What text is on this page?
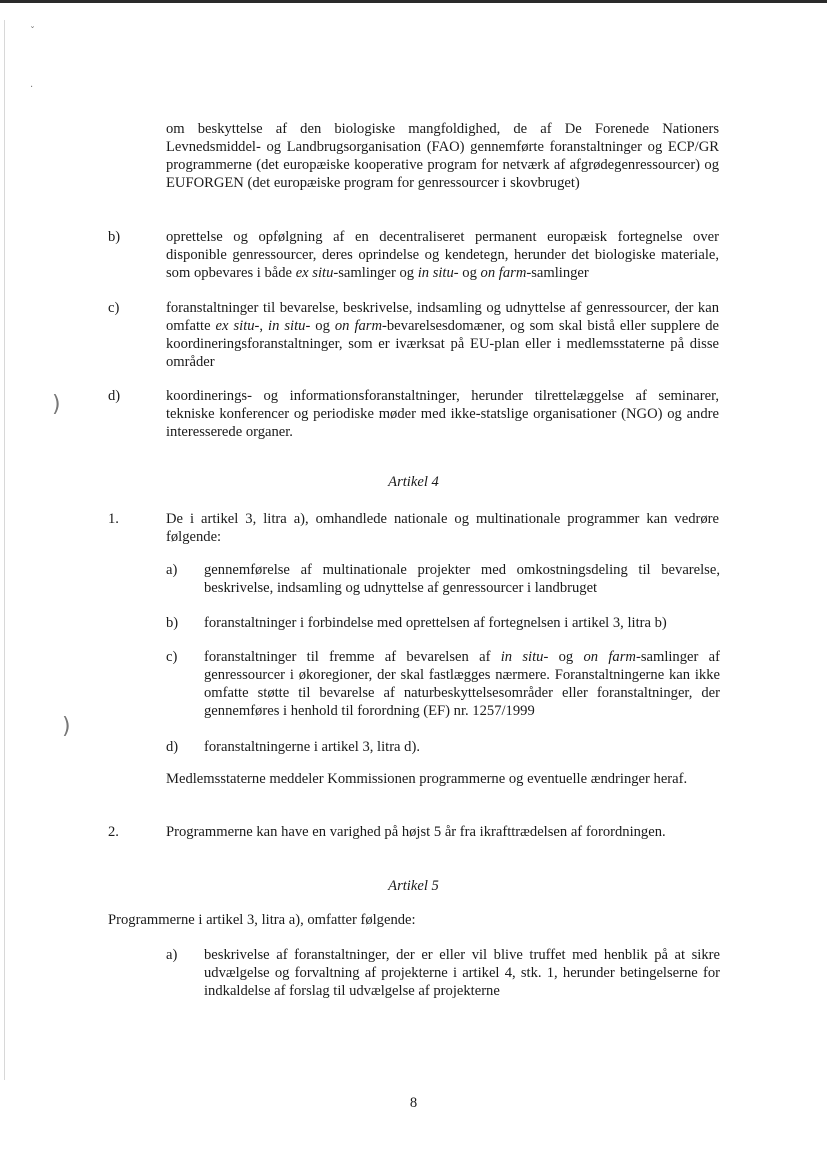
ˇ
·
)
)

om beskyttelse af den biologiske mangfoldighed, de af De Forenede Nationers Levnedsmiddel- og Landbrugsorganisation (FAO) gennemførte foranstaltninger og ECP/GR programmerne (det europæiske kooperative program for netværk af afgrødegenressourcer) og EUFORGEN (det europæiske program for genressourcer i skovbruget)

b)	oprettelse og opfølgning af en decentraliseret permanent europæisk fortegnelse over disponible genressourcer, deres oprindelse og kendetegn, herunder det biologiske materiale, som opbevares i både ex situ-samlinger og in situ- og on farm-samlinger

c)	foranstaltninger til bevarelse, beskrivelse, indsamling og udnyttelse af genressourcer, der kan omfatte ex situ-, in situ- og on farm-bevarelsesdomæner, og som skal bistå eller supplere de koordineringsforanstaltninger, som er iværksat på EU-plan eller i medlemsstaterne på disse områder

d)	koordinerings- og informationsforanstaltninger, herunder tilrettelæggelse af seminarer, tekniske konferencer og periodiske møder med ikke-statslige organisationer (NGO) og andre interesserede organer.

Artikel 4

1.	De i artikel 3, litra a), omhandlede nationale og multinationale programmer kan vedrøre følgende:

a) gennemførelse af multinationale projekter med omkostningsdeling til bevarelse, beskrivelse, indsamling og udnyttelse af genressourcer i landbruget

b) foranstaltninger i forbindelse med oprettelsen af fortegnelsen i artikel 3, litra b)

c) foranstaltninger til fremme af bevarelsen af in situ- og on farm-samlinger af genressourcer i økoregioner, der skal fastlægges nærmere. Foranstaltningerne kan ikke omfatte støtte til bevarelse af naturbeskyttelsesområder eller foranstaltninger, der gennemføres i henhold til forordning (EF) nr. 1257/1999

d) foranstaltningerne i artikel 3, litra d).

Medlemsstaterne meddeler Kommissionen programmerne og eventuelle ændringer heraf.

2.	Programmerne kan have en varighed på højst 5 år fra ikrafttrædelsen af forordningen.

Artikel 5

Programmerne i artikel 3, litra a), omfatter følgende:

a) beskrivelse af foranstaltninger, der er eller vil blive truffet med henblik på at sikre udvælgelse og forvaltning af projekterne i artikel 4, stk. 1, herunder betingelserne for indkaldelse af forslag til udvælgelse af projekterne

8
